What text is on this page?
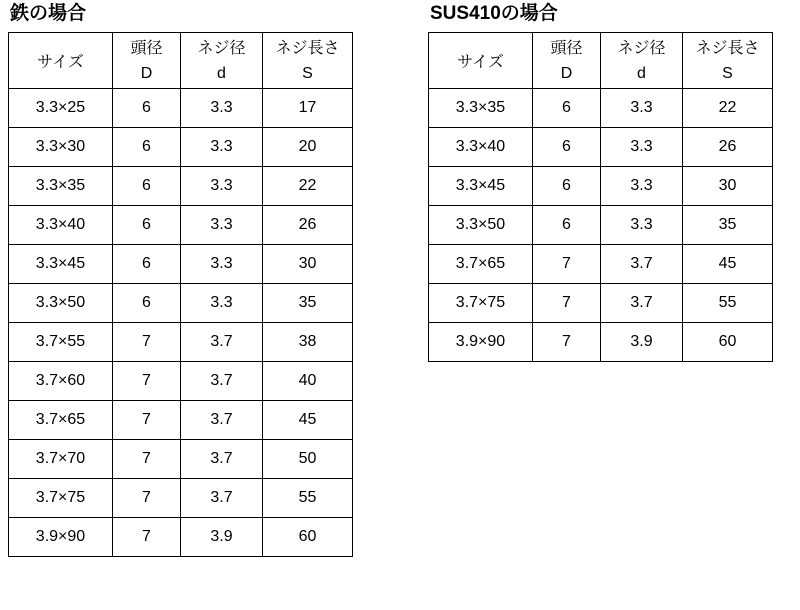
鉄の場合
サイズ	頭径	ネジ径	ネジ長さ
	D	d	S
3.3×25	6	3.3	17
3.3×30	6	3.3	20
3.3×35	6	3.3	22
3.3×40	6	3.3	26
3.3×45	6	3.3	30
3.3×50	6	3.3	35
3.7×55	7	3.7	38
3.7×60	7	3.7	40
3.7×65	7	3.7	45
3.7×70	7	3.7	50
3.7×75	7	3.7	55
3.9×90	7	3.9	60
SUS410の場合
サイズ	頭径	ネジ径	ネジ長さ
	D	d	S
3.3×35	6	3.3	22
3.3×40	6	3.3	26
3.3×45	6	3.3	30
3.3×50	6	3.3	35
3.7×65	7	3.7	45
3.7×75	7	3.7	55
3.9×90	7	3.9	60
